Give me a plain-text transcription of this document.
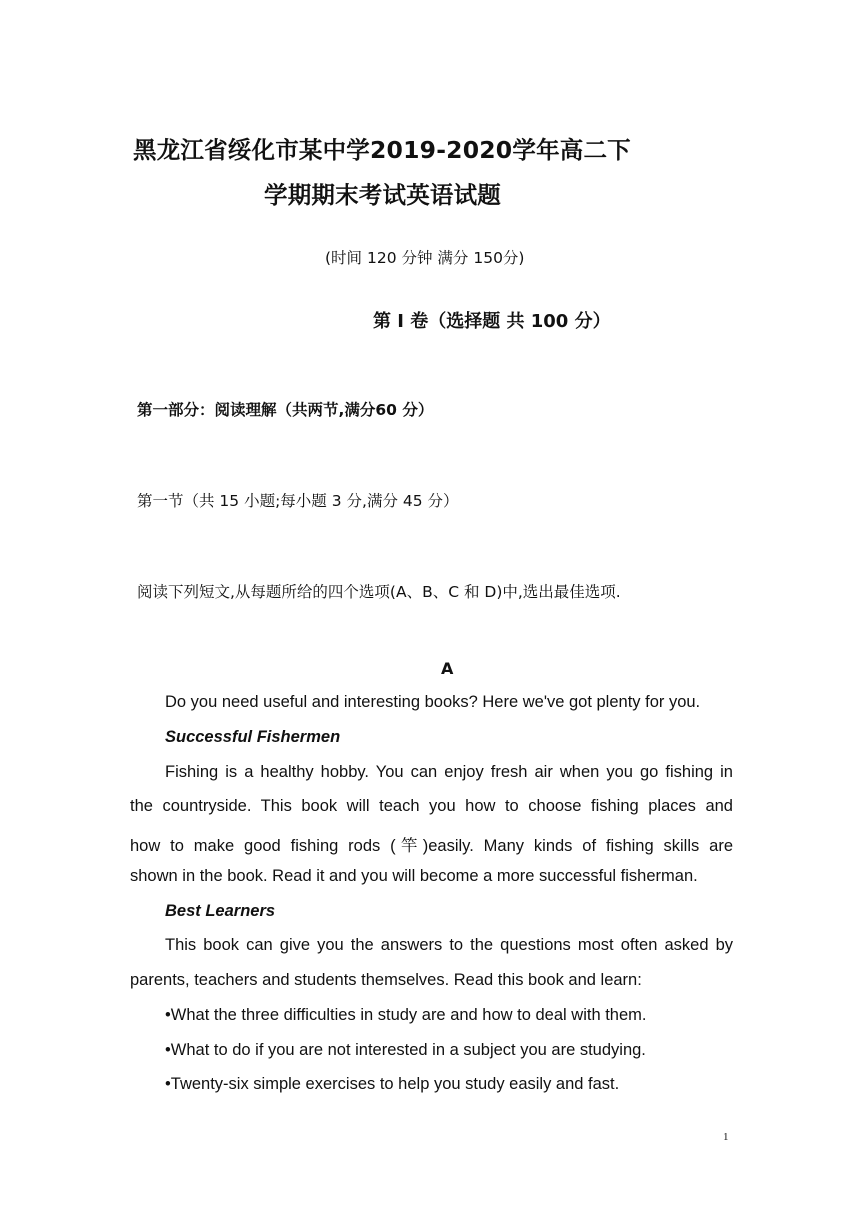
黑龙江省绥化市某中学2019-2020学年高二下
学期期末考试英语试题
(时间 120 分钟 满分 150分)
第 I 卷（选择题 共 100 分）
第一部分：阅读理解（共两节,满分60 分）
第一节（共 15 小题;每小题 3 分,满分 45 分）
阅读下列短文,从每题所给的四个选项(A、B、C 和 D)中,选出最佳选项.
A
Do you need useful and interesting books? Here we've got plenty for you.
Successful Fishermen
Fishing is a healthy hobby. You can enjoy fresh air when you go fishing in
the countryside. This book will teach you how to choose fishing places and
how to make good fishing rods (竿)easily. Many kinds of fishing skills are
shown in the book. Read it and you will become a more successful fisherman.
Best Learners
This book can give you the answers to the questions most often asked by
parents, teachers and students themselves. Read this book and learn:
•What the three difficulties in study are and how to deal with them.
•What to do if you are not interested in a subject you are studying.
•Twenty-six simple exercises to help you study easily and fast.
1
